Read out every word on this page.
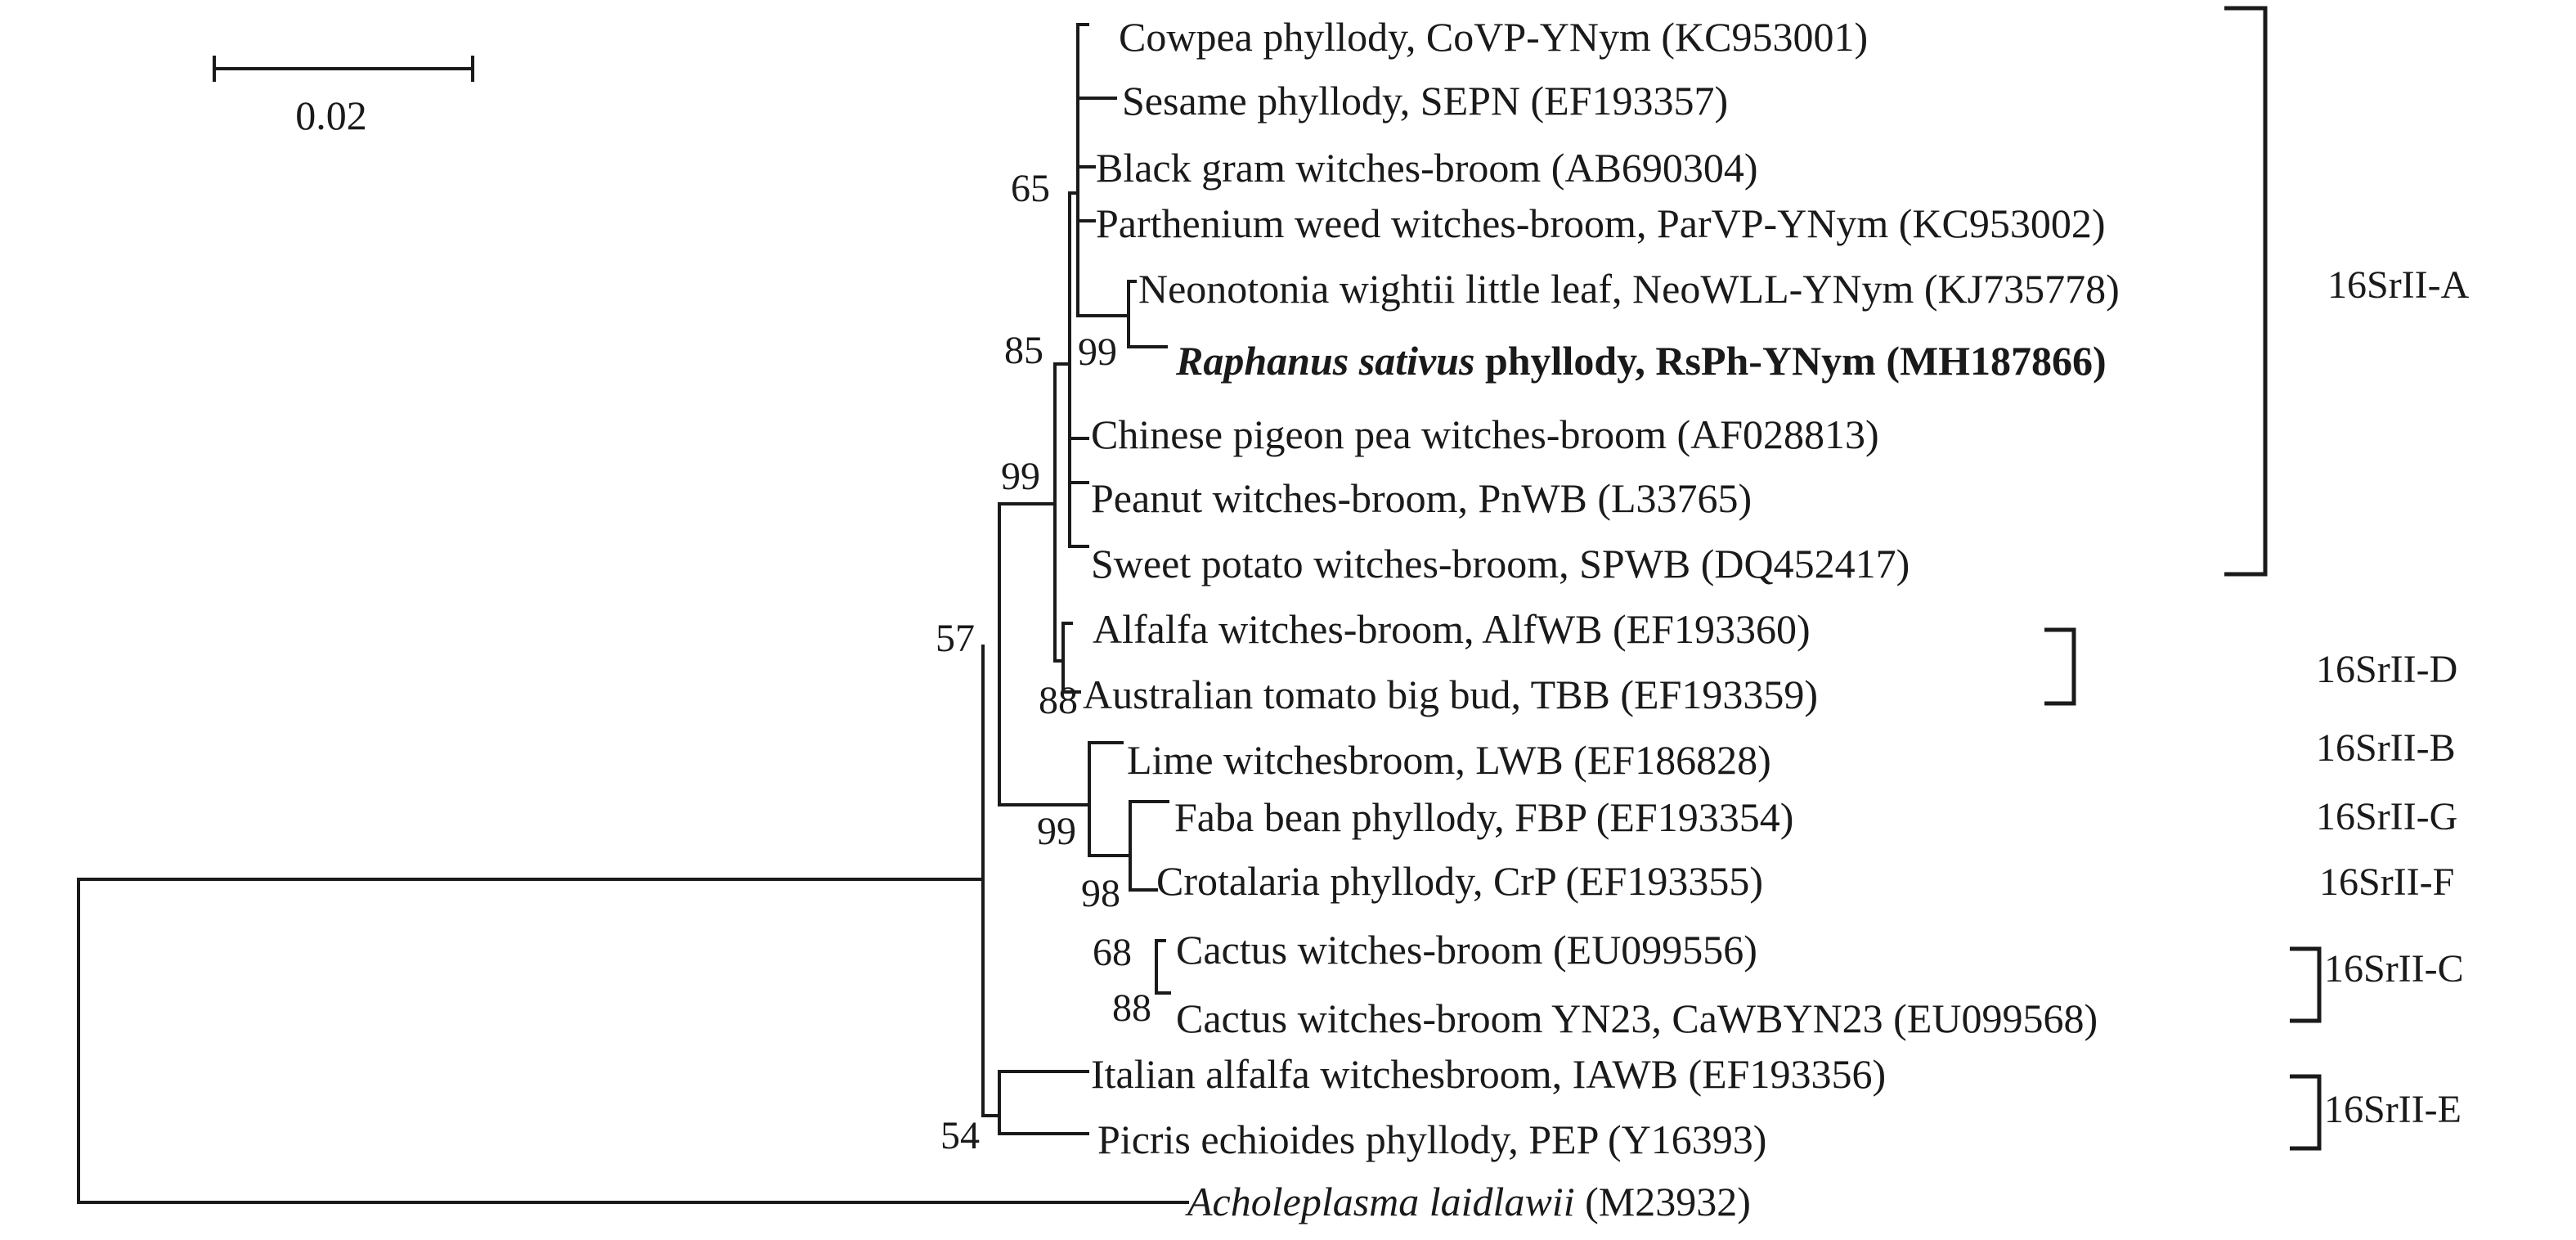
0.02
Cowpea phyllody, CoVP-YNym (KC953001)
Sesame phyllody, SEPN (EF193357)
Black gram witches-broom (AB690304)
Parthenium weed witches-broom, ParVP-YNym (KC953002)
Neonotonia wightii little leaf, NeoWLL-YNym (KJ735778)
Raphanus sativus phyllody, RsPh-YNym (MH187866)
Chinese pigeon pea witches-broom (AF028813)
Peanut witches-broom, PnWB (L33765)
Sweet potato witches-broom, SPWB (DQ452417)
Alfalfa witches-broom, AlfWB (EF193360)
Australian tomato big bud, TBB (EF193359)
Lime witchesbroom, LWB (EF186828)
Faba bean phyllody, FBP (EF193354)
Crotalaria phyllody, CrP (EF193355)
Cactus witches-broom (EU099556)
Cactus witches-broom YN23, CaWBYN23 (EU099568)
Italian alfalfa witchesbroom, IAWB (EF193356)
Picris echioides phyllody, PEP (Y16393)
Acholeplasma laidlawii (M23932)
65
85 99
99
57
88
99
98
68
88
54
16SrII-A
16SrII-D
16SrII-B
16SrII-G
16SrII-F
16SrII-C
16SrII-E
